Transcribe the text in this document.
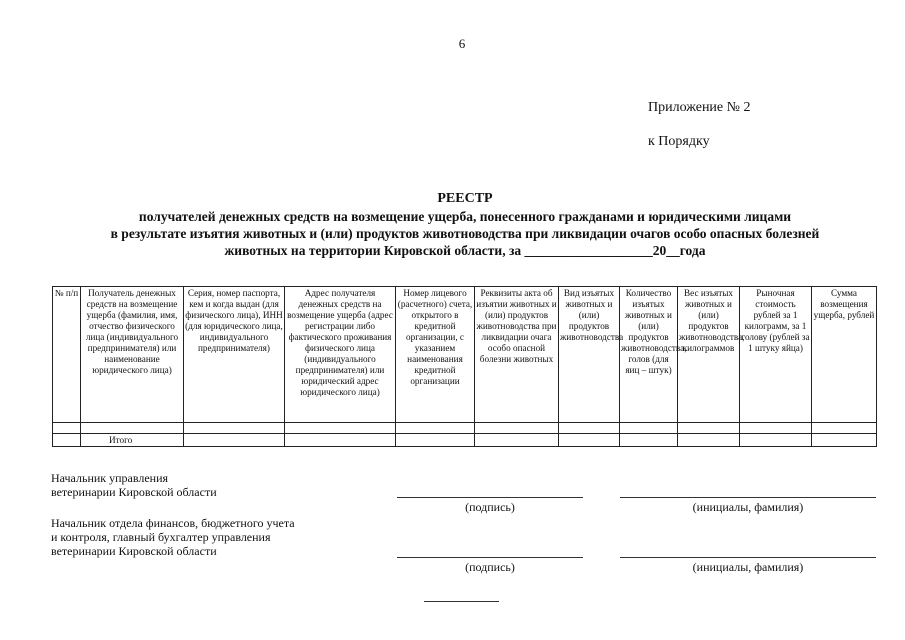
6
Приложение № 2
к Порядку
РЕЕСТР
получателей денежных средств на возмещение ущерба, понесенного гражданами и юридическими лицами
в результате изъятия животных и (или) продуктов животноводства при ликвидации очагов особо опасных болезней
животных на территории Кировской области, за ___________________20__года
№ п/п	Получатель денежных средств на возмещение ущерба (фамилия, имя, отчество физического лица (индивидуального предпринимателя) или наименование юридического лица)	Серия, номер паспорта, кем и когда выдан (для физического лица), ИНН (для юридического лица, индивидуального предпринимателя)	Адрес получателя денежных средств на возмещение ущерба (адрес регистрации либо фактического проживания физического лица (индивидуального предпринимателя) или юридический адрес юридического лица)	Номер лицевого (расчетного) счета, открытого в кредитной организации, с указанием наименования кредитной организации	Реквизиты акта об изъятии животных и (или) продуктов животноводства при ликвидации очага особо опасной болезни животных	Вид изъятых животных и (или) продуктов животноводства	Количество изъятых животных и (или) продуктов животноводства, голов (для яиц – штук)	Вес изъятых животных и (или) продуктов животноводства, килограммов	Рыночная стоимость рублей за 1 килограмм, за 1 голову (рублей за 1 штуку яйца)	Сумма возмещения ущерба, рублей

	Итого									
Начальник управления
ветеринарии Кировской области
(подпись)	(инициалы, фамилия)
Начальник отдела финансов, бюджетного учета
и контроля, главный бухгалтер управления
ветеринарии Кировской области
(подпись)	(инициалы, фамилия)
